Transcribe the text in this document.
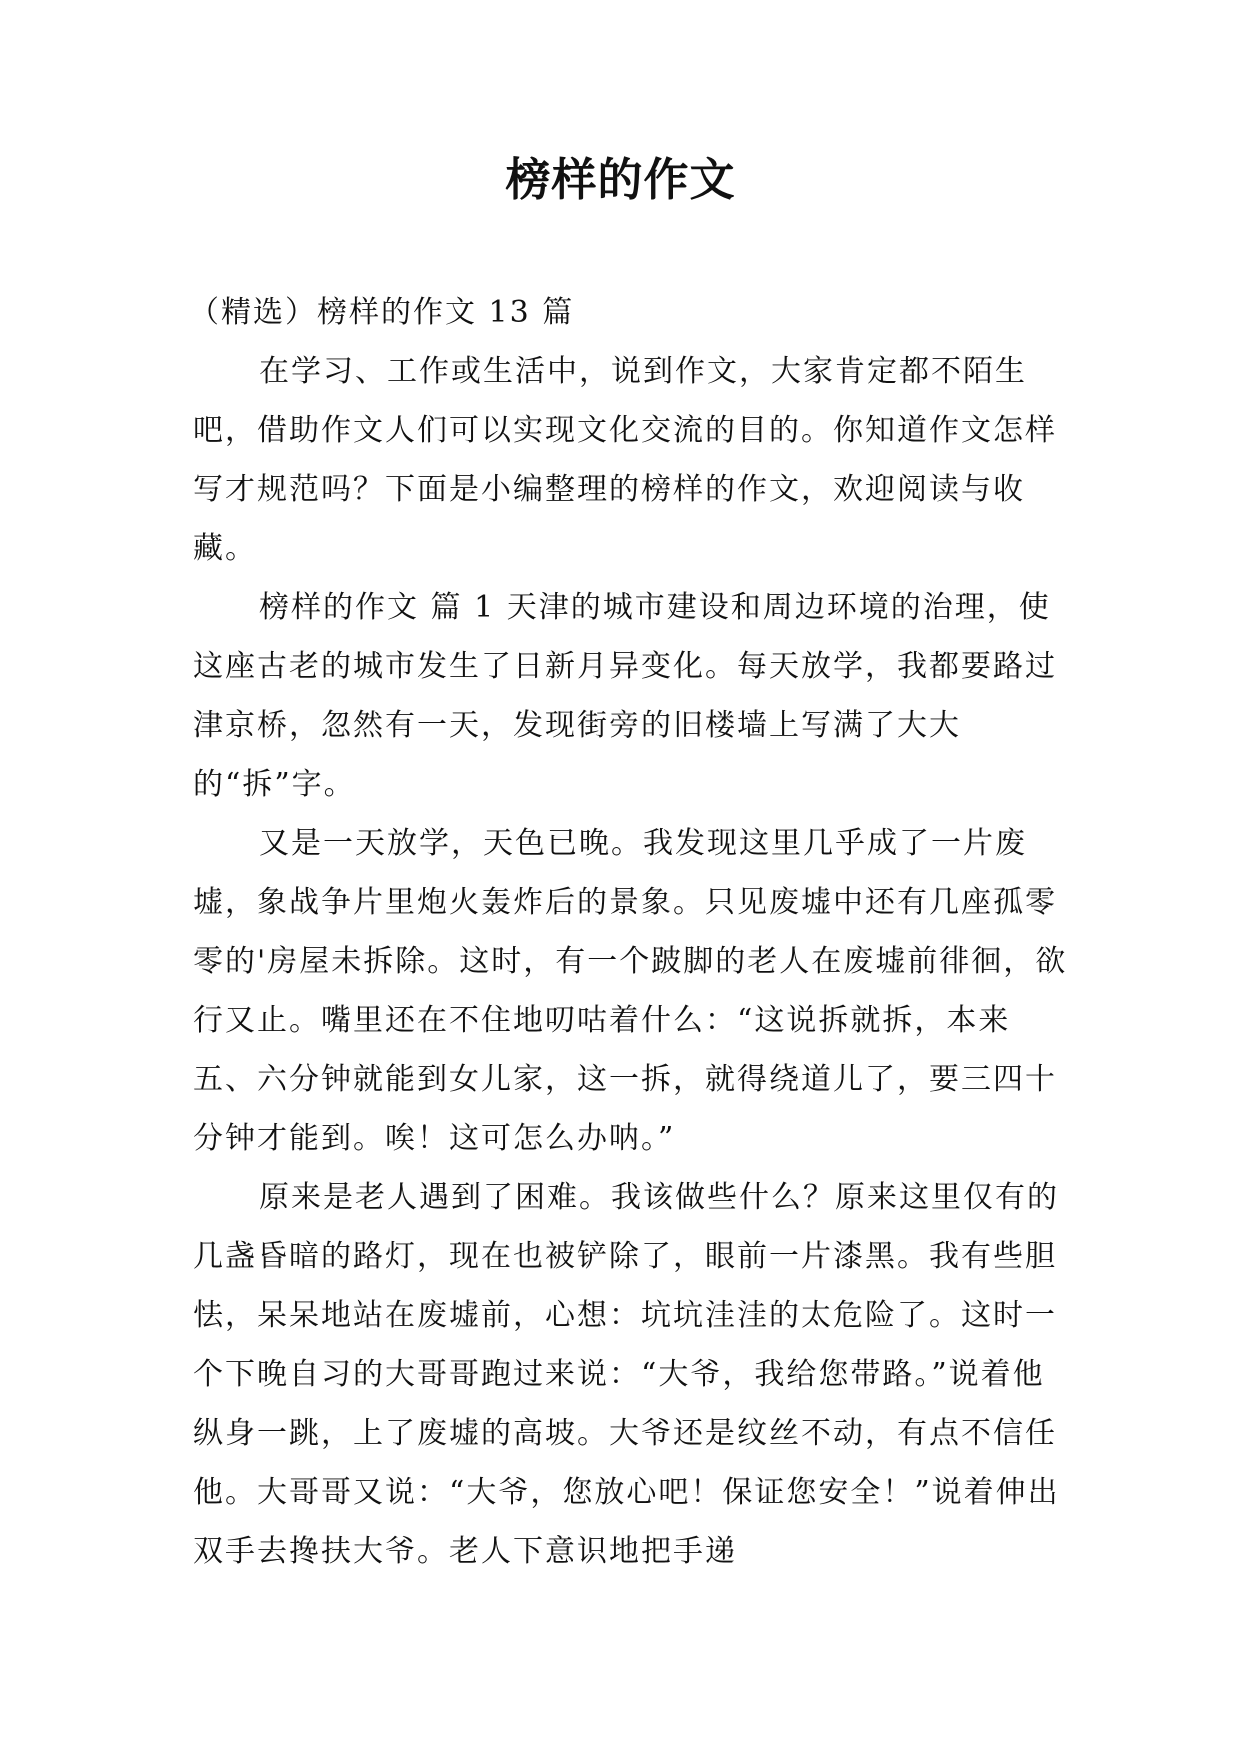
榜样的作文

（精选）榜样的作文 13 篇

在学习、工作或生活中，说到作文，大家肯定都不陌生吧，借助作文人们可以实现文化交流的目的。你知道作文怎样写才规范吗？下面是小编整理的榜样的作文，欢迎阅读与收藏。

榜样的作文 篇 1 天津的城市建设和周边环境的治理，使这座古老的城市发生了日新月异变化。每天放学，我都要路过津京桥，忽然有一天，发现街旁的旧楼墙上写满了大大的“拆”字。

又是一天放学，天色已晚。我发现这里几乎成了一片废墟，象战争片里炮火轰炸后的景象。只见废墟中还有几座孤零零的'房屋未拆除。这时，有一个跛脚的老人在废墟前徘徊，欲行又止。嘴里还在不住地叨咕着什么：“这说拆就拆，本来五、六分钟就能到女儿家，这一拆，就得绕道儿了，要三四十分钟才能到。唉！这可怎么办呐。”

原来是老人遇到了困难。我该做些什么？原来这里仅有的几盏昏暗的路灯，现在也被铲除了，眼前一片漆黑。我有些胆怯，呆呆地站在废墟前，心想：坑坑洼洼的太危险了。这时一个下晚自习的大哥哥跑过来说：“大爷，我给您带路。”说着他纵身一跳，上了废墟的高坡。大爷还是纹丝不动，有点不信任他。大哥哥又说：“大爷，您放心吧！保证您安全！”说着伸出双手去搀扶大爷。老人下意识地把手递
